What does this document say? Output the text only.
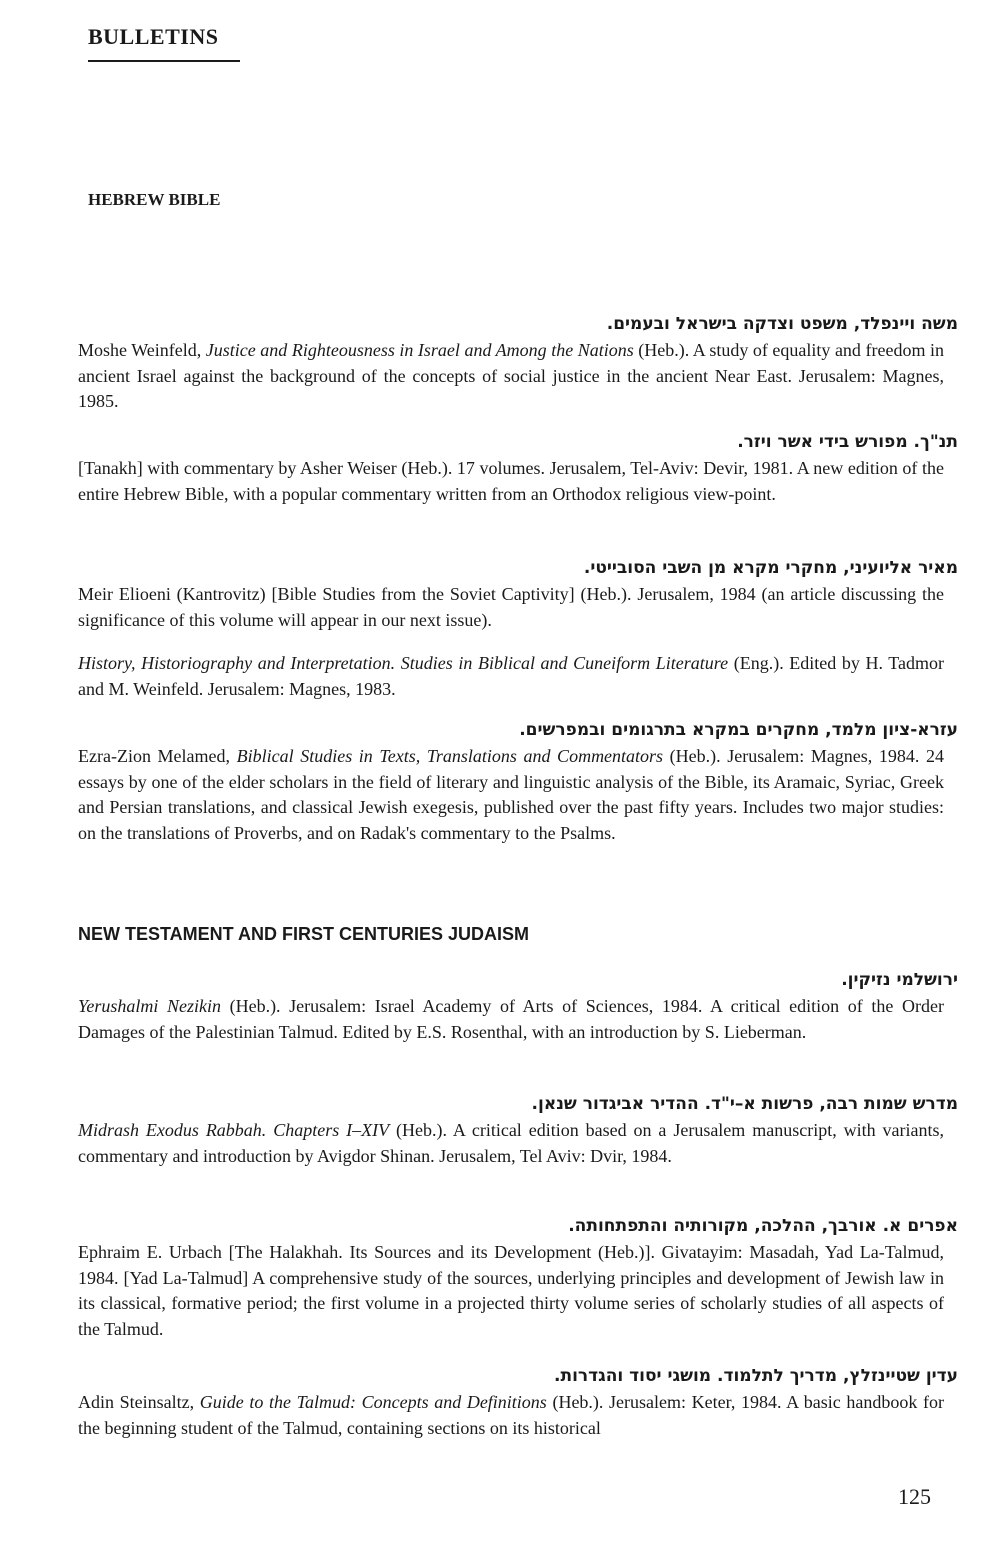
BULLETINS
HEBREW BIBLE
משה ויינפלד, משפט וצדקה בישראל ובעמים.
Moshe Weinfeld, Justice and Righteousness in Israel and Among the Nations (Heb.). A study of equality and freedom in ancient Israel against the background of the concepts of social justice in the ancient Near East. Jerusalem: Magnes, 1985.
תנ"ך. מפורש בידי אשר ויזר.
[Tanakh] with commentary by Asher Weiser (Heb.). 17 volumes. Jerusalem, Tel-Aviv: Devir, 1981. A new edition of the entire Hebrew Bible, with a popular commentary written from an Orthodox religious view-point.
מאיר אליועיני, מחקרי מקרא מן השבי הסובייטי.
Meir Elioeni (Kantrovitz) [Bible Studies from the Soviet Captivity] (Heb.). Jerusalem, 1984 (an article discussing the significance of this volume will appear in our next issue).
History, Historiography and Interpretation. Studies in Biblical and Cuneiform Literature (Eng.). Edited by H. Tadmor and M. Weinfeld. Jerusalem: Magnes, 1983.
עזרא-ציון מלמד, מחקרים במקרא בתרגומים ובמפרשים.
Ezra-Zion Melamed, Biblical Studies in Texts, Translations and Commentators (Heb.). Jerusalem: Magnes, 1984. 24 essays by one of the elder scholars in the field of literary and linguistic analysis of the Bible, its Aramaic, Syriac, Greek and Persian translations, and classical Jewish exegesis, published over the past fifty years. Includes two major studies: on the translations of Proverbs, and on Radak's commentary to the Psalms.
NEW TESTAMENT AND FIRST CENTURIES JUDAISM
ירושלמי נזיקין.
Yerushalmi Nezikin (Heb.). Jerusalem: Israel Academy of Arts of Sciences, 1984. A critical edition of the Order Damages of the Palestinian Talmud. Edited by E.S. Rosenthal, with an introduction by S. Lieberman.
מדרש שמות רבה, פרשות א–י"ד. ההדיר אביגדור שנאן.
Midrash Exodus Rabbah. Chapters I–XIV (Heb.). A critical edition based on a Jerusalem manuscript, with variants, commentary and introduction by Avigdor Shinan. Jerusalem, Tel Aviv: Dvir, 1984.
אפרים א. אורבך, ההלכה, מקורותיה והתפתחותה.
Ephraim E. Urbach [The Halakhah. Its Sources and its Development (Heb.)]. Givatayim: Masadah, Yad La-Talmud, 1984. [Yad La-Talmud] A comprehensive study of the sources, underlying principles and development of Jewish law in its classical, formative period; the first volume in a projected thirty volume series of scholarly studies of all aspects of the Talmud.
עדין שטיינזלץ, מדריך לתלמוד. מושגי יסוד והגדרות.
Adin Steinsaltz, Guide to the Talmud: Concepts and Definitions (Heb.). Jerusalem: Keter, 1984. A basic handbook for the beginning student of the Talmud, containing sections on its historical
125
